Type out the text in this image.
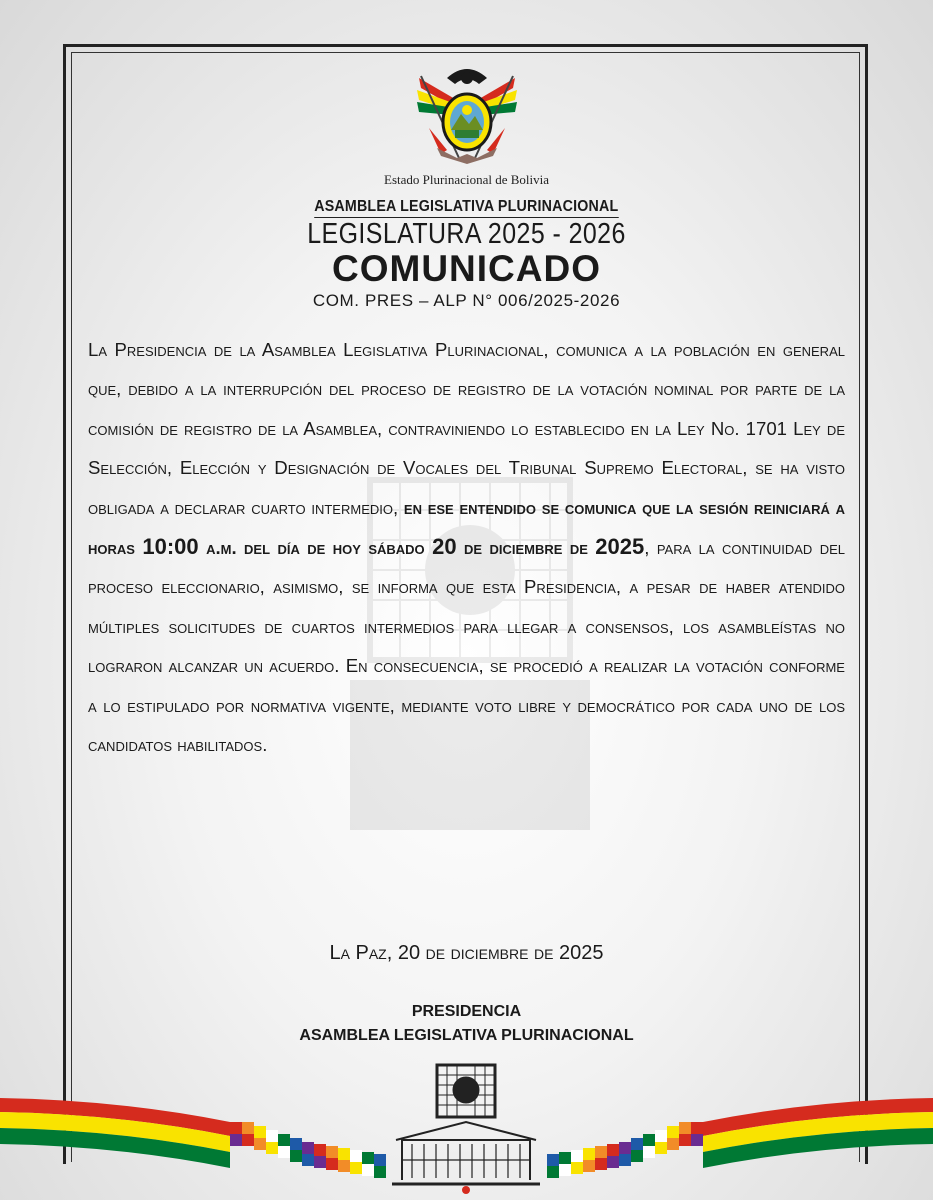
Estado Plurinacional de Bolivia
ASAMBLEA LEGISLATIVA PLURINACIONAL
LEGISLATURA 2025 - 2026
COMUNICADO
COM. PRES – ALP N° 006/2025-2026
La Presidencia de la Asamblea Legislativa Plurinacional, comunica a la población en general que, debido a la interrupción del proceso de registro de la votación nominal por parte de la comisión de registro de la Asamblea, contraviniendo lo establecido en la Ley No. 1701 Ley de Selección, Elección y Designación de Vocales del Tribunal Supremo Electoral, se ha visto obligada a declarar cuarto intermedio, en ese entendido se comunica que la sesión reiniciará a horas 10:00 a.m. del día de hoy sábado 20 de diciembre de 2025, para la continuidad del proceso eleccionario, asimismo, se informa que esta Presidencia, a pesar de haber atendido múltiples solicitudes de cuartos intermedios para llegar a consensos, los asambleístas no lograron alcanzar un acuerdo. En consecuencia, se procedió a realizar la votación conforme a lo estipulado por normativa vigente, mediante voto libre y democrático por cada uno de los candidatos habilitados.
La Paz, 20 de diciembre de 2025
PRESIDENCIA
ASAMBLEA LEGISLATIVA PLURINACIONAL
